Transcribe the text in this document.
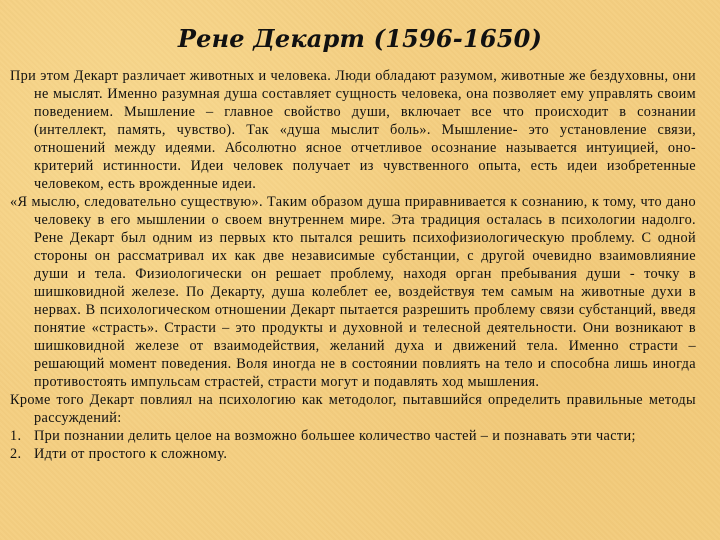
Рене Декарт (1596-1650)

При этом Декарт различает животных и человека. Люди обладают разумом, животные же бездуховны, они не мыслят. Именно разумная душа составляет сущность человека, она позволяет ему управлять своим поведением. Мышление – главное свойство души, включает все что происходит в сознании (интеллект, память, чувство). Так «душа мыслит боль». Мышление- это установление связи, отношений между идеями. Абсолютно ясное отчетливое осознание называется интуицией, оно-критерий истинности. Идеи человек получает из чувственного опыта, есть идеи изобретенные человеком, есть врожденные идеи.

«Я мыслю, следовательно существую». Таким образом душа приравнивается к сознанию, к тому, что дано человеку в его мышлении о своем внутреннем мире. Эта традиция осталась в психологии надолго. Рене Декарт был одним из первых кто пытался решить психофизиологическую проблему. С одной стороны он рассматривал их как две независимые субстанции, с другой очевидно взаимовлияние души и тела. Физиологически он решает проблему, находя орган пребывания души - точку в шишковидной железе. По Декарту, душа колеблет ее, воздействуя тем самым на животные духи в нервах. В психологическом отношении Декарт пытается разрешить проблему связи субстанций, введя понятие «страсть». Страсти – это продукты и духовной и телесной деятельности. Они возникают в шишковидной железе от взаимодействия, желаний духа и движений тела. Именно страсти – решающий момент поведения. Воля иногда не в состоянии повлиять на тело и способна лишь иногда противостоять импульсам страстей, страсти могут и подавлять ход мышления.

Кроме того Декарт повлиял на психологию как методолог, пытавшийся определить правильные методы рассуждений:

1. При познании делить целое на возможно большее количество частей – и познавать эти части;
2. Идти от простого к сложному.
